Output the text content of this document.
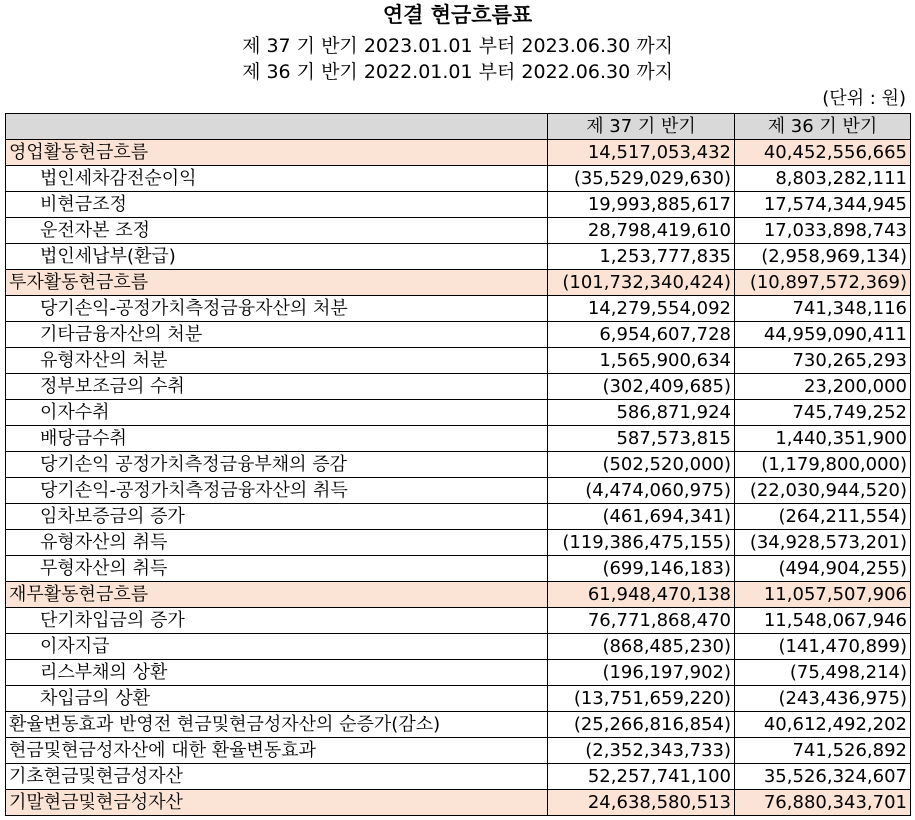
연결 현금흐름표
제 37 기 반기 2023.01.01 부터 2023.06.30 까지
제 36 기 반기 2022.01.01 부터 2022.06.30 까지
(단위 : 원)
	제 37 기 반기	제 36 기 반기
영업활동현금흐름	14,517,053,432	40,452,556,665
법인세차감전순이익	(35,529,029,630)	8,803,282,111
비현금조정	19,993,885,617	17,574,344,945
운전자본 조정	28,798,419,610	17,033,898,743
법인세납부(환급)	1,253,777,835	(2,958,969,134)
투자활동현금흐름	(101,732,340,424)	(10,897,572,369)
당기손익-공정가치측정금융자산의 처분	14,279,554,092	741,348,116
기타금융자산의 처분	6,954,607,728	44,959,090,411
유형자산의 처분	1,565,900,634	730,265,293
정부보조금의 수취	(302,409,685)	23,200,000
이자수취	586,871,924	745,749,252
배당금수취	587,573,815	1,440,351,900
당기손익 공정가치측정금융부채의 증감	(502,520,000)	(1,179,800,000)
당기손익-공정가치측정금융자산의 취득	(4,474,060,975)	(22,030,944,520)
임차보증금의 증가	(461,694,341)	(264,211,554)
유형자산의 취득	(119,386,475,155)	(34,928,573,201)
무형자산의 취득	(699,146,183)	(494,904,255)
재무활동현금흐름	61,948,470,138	11,057,507,906
단기차입금의 증가	76,771,868,470	11,548,067,946
이자지급	(868,485,230)	(141,470,899)
리스부채의 상환	(196,197,902)	(75,498,214)
차입금의 상환	(13,751,659,220)	(243,436,975)
환율변동효과 반영전 현금및현금성자산의 순증가(감소)	(25,266,816,854)	40,612,492,202
현금및현금성자산에 대한 환율변동효과	(2,352,343,733)	741,526,892
기초현금및현금성자산	52,257,741,100	35,526,324,607
기말현금및현금성자산	24,638,580,513	76,880,343,701
